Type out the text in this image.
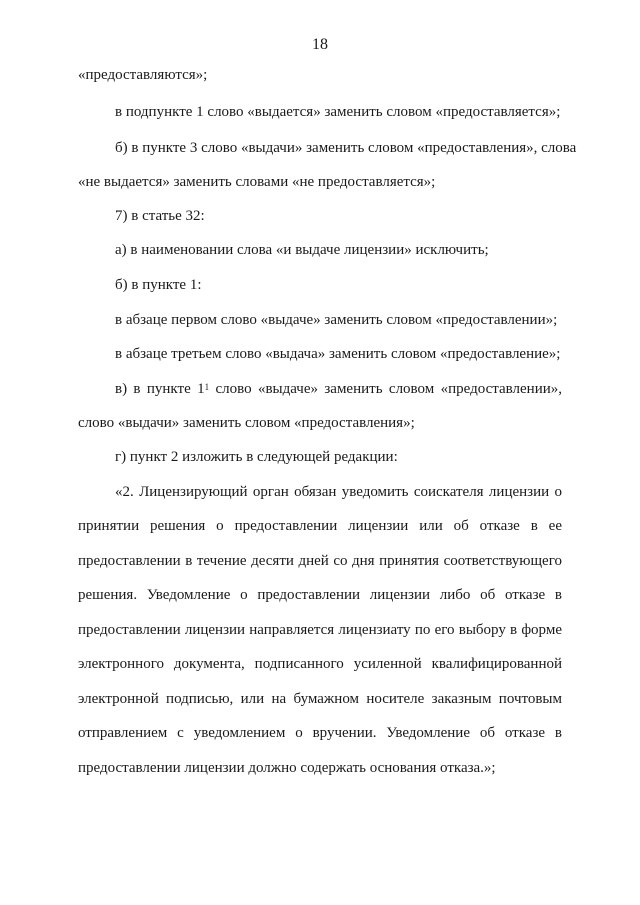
18
«предоставляются»;
в подпункте 1 слово «выдается» заменить словом «предоставляется»;
б) в пункте 3 слово «выдачи» заменить словом «предоставления», слова
«не выдается» заменить словами «не предоставляется»;
7) в статье 32:
а) в наименовании слова «и выдаче лицензии» исключить;
б) в пункте 1:
в абзаце первом слово «выдаче» заменить словом «предоставлении»;
в абзаце третьем слово «выдача» заменить словом «предоставление»;
в) в пункте $1^1$ слово «выдаче» заменить словом «предоставлении»,
слово «выдачи» заменить словом «предоставления»;
г) пункт 2 изложить в следующей редакции:
«2. Лицензирующий орган обязан уведомить соискателя лицензии о
принятии решения о предоставлении лицензии или об отказе в ее
предоставлении в течение десяти дней со дня принятия соответствующего
решения. Уведомление о предоставлении лицензии либо об отказе в
предоставлении лицензии направляется лицензиату по его выбору в форме
электронного документа, подписанного усиленной квалифицированной
электронной подписью, или на бумажном носителе заказным почтовым
отправлением с уведомлением о вручении. Уведомление об отказе в
предоставлении лицензии должно содержать основания отказа.»;
